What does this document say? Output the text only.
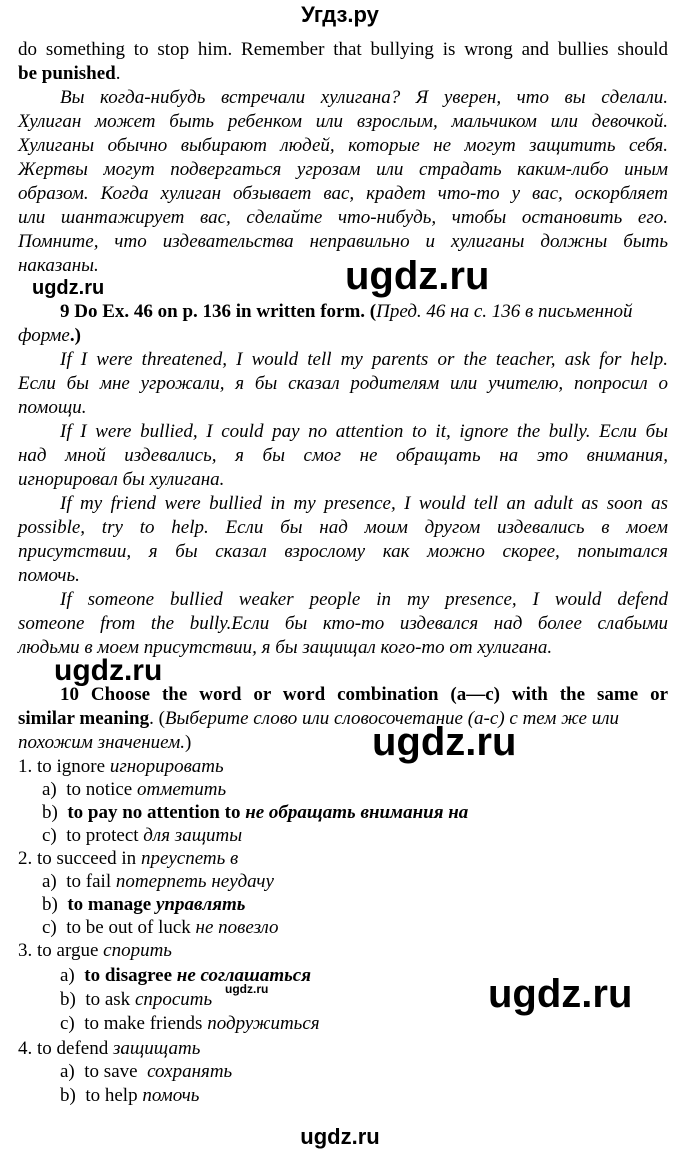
Угдз.ру
do something to stop him. Remember that bullying is wrong and bullies should
be punished.
Вы когда-нибудь встречали хулигана? Я уверен, что вы сделали.
Хулиган может быть ребенком или взрослым, мальчиком или девочкой.
Хулиганы обычно выбирают людей, которые не могут защитить себя.
Жертвы могут подвергаться угрозам или страдать каким-либо иным
образом. Когда хулиган обзывает вас, крадет что-то у вас, оскорбляет
или шантажирует вас, сделайте что-нибудь, чтобы остановить его.
Помните, что издевательства неправильно и хулиганы должны быть
наказаны.	ugdz.ru
ugdz.ru
9 Do Ex. 46 on p. 136 in written form. (Пред. 46 на с. 136 в письменной
форме.)
If I were threatened, I would tell my parents or the teacher, ask for help.
Если бы мне угрожали, я бы сказал родителям или учителю, попросил о
помощи.
If I were bullied, I could pay no attention to it, ignore the bully. Если бы
над мной издевались, я бы смог не обращать на это внимания,
игнорировал бы хулигана.
If my friend were bullied in my presence, I would tell an adult as soon as
possible, try to help. Если бы над моим другом издевались в моем
присутствии, я бы сказал взрослому как можно скорее, попытался
помочь.
If someone bullied weaker people in my presence, I would defend
someone from the bully.Если бы кто-то издевался над более слабыми
людьми в моем присутствии, я бы защищал кого-то от хулигана.
ugdz.ru
10 Choose the word or word combination (a—c) with the same or
similar meaning. (Выберите слово или словосочетание (а-с) с тем же или
похожим значением.)	ugdz.ru
1. to ignore игнорировать
a) to notice отметить
b) to pay no attention to не обращать внимания на
c) to protect для защиты
2. to succeed in преуспеть в
a) to fail потерпеть неудачу
b) to manage управлять
c) to be out of luck не повезло
3. to argue спорить
a) to disagree не соглашаться
b) to ask спросить
c) to make friends подружиться
ugdz.ru	ugdz.ru
4. to defend защищать
a) to save сохранять
b) to help помочь
ugdz.ru
